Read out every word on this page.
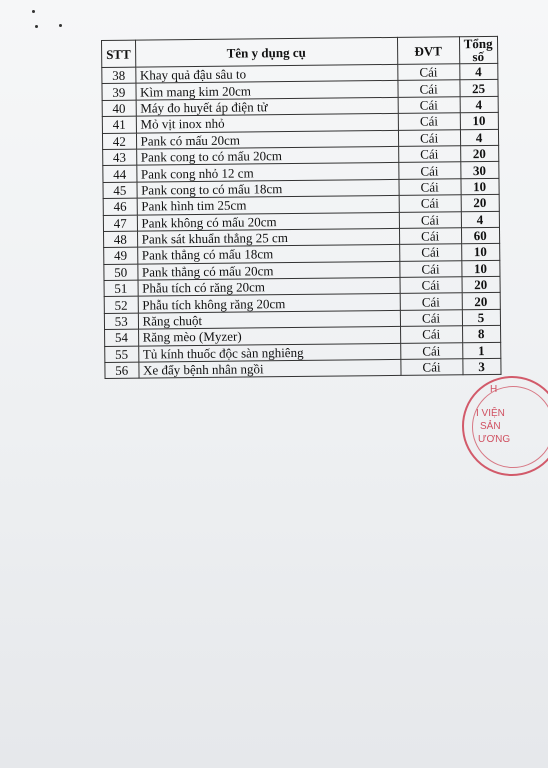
STT	Tên y dụng cụ	ĐVT	Tổng
số
38	Khay quả đậu sâu to	Cái	4
39	Kìm mang kim 20cm	Cái	25
40	Máy đo huyết áp điện tử	Cái	4
41	Mỏ vịt inox nhỏ	Cái	10
42	Pank có mấu 20cm	Cái	4
43	Pank cong to có mấu 20cm	Cái	20
44	Pank cong nhỏ 12 cm	Cái	30
45	Pank cong to có mấu 18cm	Cái	10
46	Pank hình tim 25cm	Cái	20
47	Pank không có mấu 20cm	Cái	4
48	Pank sát khuẩn thẳng 25 cm	Cái	60
49	Pank thẳng có mấu 18cm	Cái	10
50	Pank thẳng có mấu 20cm	Cái	10
51	Phẫu tích có răng 20cm	Cái	20
52	Phẫu tích không răng 20cm	Cái	20
53	Răng chuột	Cái	5
54	Răng mèo (Myzer)	Cái	8
55	Tủ kính thuốc độc sàn nghiêng	Cái	1
56	Xe đẩy bệnh nhân ngồi	Cái	3
H
I VIỆN
SẢN
ƯƠNG
